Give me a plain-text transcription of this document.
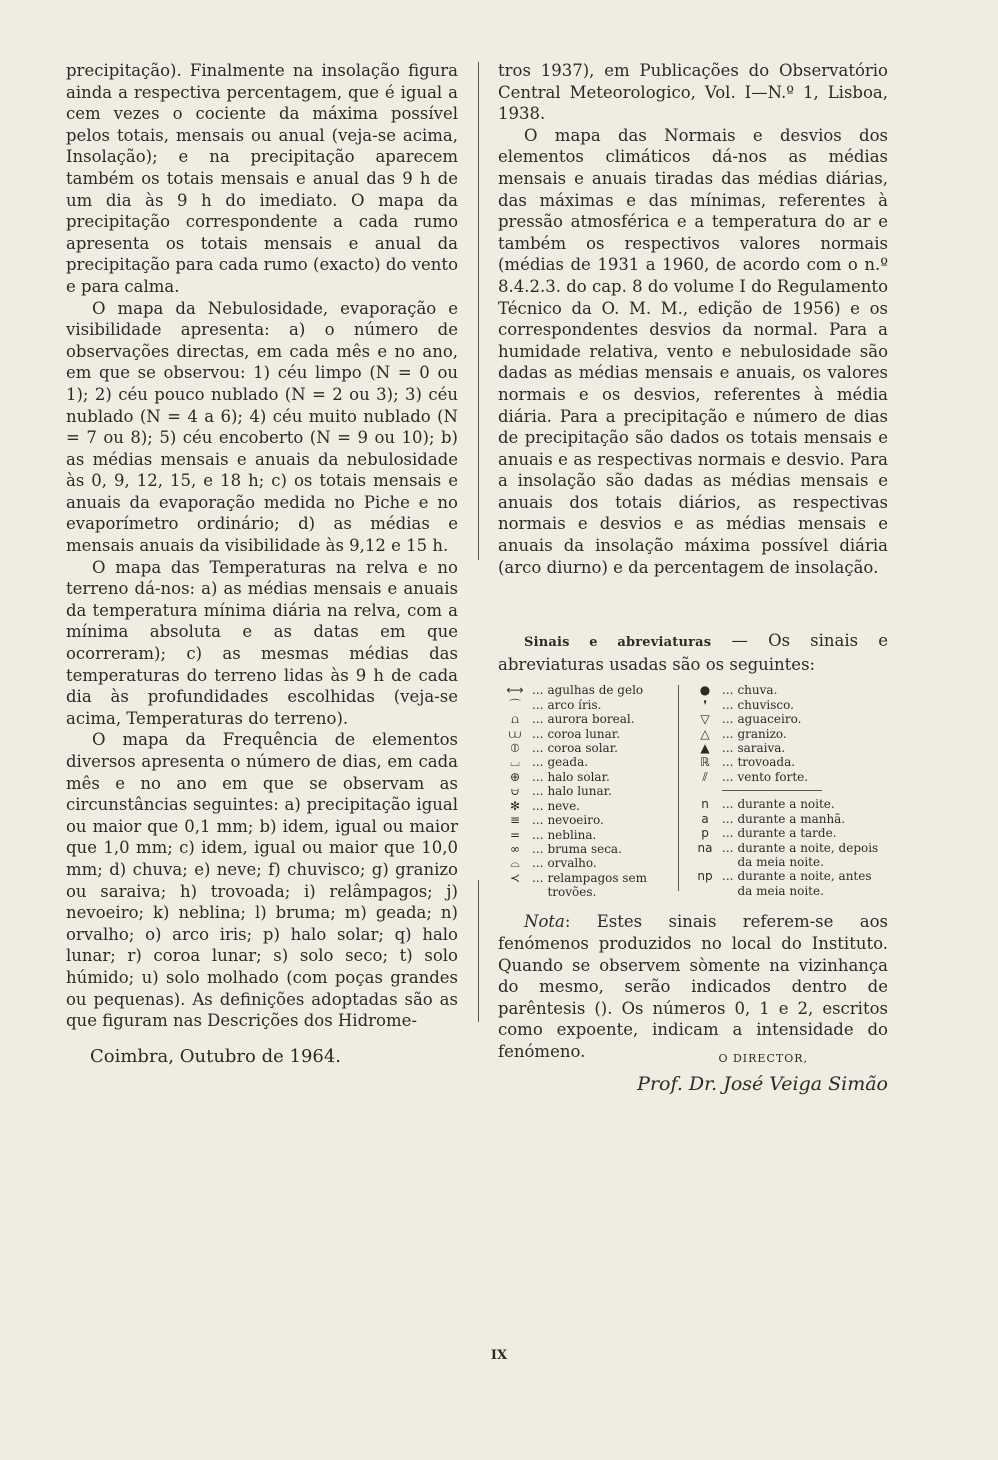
precipitação). Finalmente na insolação figura ainda a respectiva percentagem, que é igual a cem vezes o cociente da máxima possível pelos totais, mensais ou anual (veja-se acima, Insolação); e na precipitação aparecem também os totais mensais e anual das 9 h de um dia às 9 h do imediato. O mapa da precipitação correspondente a cada rumo apresenta os totais mensais e anual da precipitação para cada rumo (exacto) do vento e para calma.

O mapa da Nebulosidade, evaporação e visibilidade apresenta: a) o número de observações directas, em cada mês e no ano, em que se observou: 1) céu limpo (N = 0 ou 1); 2) céu pouco nublado (N = 2 ou 3); 3) céu nublado (N = 4 a 6); 4) céu muito nublado (N = 7 ou 8); 5) céu encoberto (N = 9 ou 10); b) as médias mensais e anuais da nebulosidade às 0, 9, 12, 15, e 18 h; c) os totais mensais e anuais da evaporação medida no Piche e no evaporímetro ordinário; d) as médias e mensais anuais da visibilidade às 9,12 e 15 h.

O mapa das Temperaturas na relva e no terreno dá-nos: a) as médias mensais e anuais da temperatura mínima diária na relva, com a mínima absoluta e as datas em que ocorreram); c) as mesmas médias das temperaturas do terreno lidas às 9 h de cada dia às profundidades escolhidas (veja-se acima, Temperaturas do terreno).

O mapa da Frequência de elementos diversos apresenta o número de dias, em cada mês e no ano em que se observam as circunstâncias seguintes: a) precipitação igual ou maior que 0,1 mm; b) idem, igual ou maior que 1,0 mm; c) idem, igual ou maior que 10,0 mm; d) chuva; e) neve; f) chuvisco; g) granizo ou saraiva; h) trovoada; i) relâmpagos; j) nevoeiro; k) neblina; l) bruma; m) geada; n) orvalho; o) arco iris; p) halo solar; q) halo lunar; r) coroa lunar; s) solo seco; t) solo húmido; u) solo molhado (com poças grandes ou pequenas). As definições adoptadas são as que figuram nas Descrições dos Hidrome-

tros 1937), em Publicações do Observatório Central Meteorologico, Vol. I—N.º 1, Lisboa, 1938.

O mapa das Normais e desvios dos elementos climáticos dá-nos as médias mensais e anuais tiradas das médias diárias, das máximas e das mínimas, referentes à pressão atmosférica e a temperatura do ar e também os respectivos valores normais (médias de 1931 a 1960, de acordo com o n.º 8.4.2.3. do cap. 8 do volume I do Regulamento Técnico da O. M. M., edição de 1956) e os correspondentes desvios da normal. Para a humidade relativa, vento e nebulosidade são dadas as médias mensais e anuais, os valores normais e os desvios, referentes à média diária. Para a precipitação e número de dias de precipitação são dados os totais mensais e anuais e as respectivas normais e desvio. Para a insolação são dadas as médias mensais e anuais dos totais diários, as respectivas normais e desvios e as médias mensais e anuais da insolação máxima possível diária (arco diurno) e da percentagem de insolação.

Sinais e abreviaturas — Os sinais e abreviaturas usadas são os seguintes:

⟷ ... agulhas de gelo
⌒ ... arco íris.
⩍	... aurora boreal.
⩊ ... coroa lunar.
⦶	... coroa solar.
⌴	... geada.
⊕ ... halo solar.
⩁	... halo lunar.
✻ ... neve.
≡ ... nevoeiro.
= ... neblina.
∞	... bruma seca.
⌓	... orvalho.
≺ ... relampagos sem trovões.
● ... chuva.
❜	... chuvisco.
▽	... aguaceiro.
△	... granizo.
▲	... saraiva.
ℝ	... trovoada.
⫽	... vento forte.
n	... durante a noite.
a	... durante a manhã.
p	... durante a tarde.
na ... durante a noite, depois da meia noite.
np ... durante a noite, antes da meia noite.

Nota: Estes sinais referem-se aos fenómenos produzidos no local do Instituto. Quando se observem sòmente na vizinhança do mesmo, serão indicados dentro de parêntesis (). Os números 0, 1 e 2, escritos como expoente, indicam a intensidade do fenómeno.

Coimbra, Outubro de 1964.	O DIRECTOR,
Prof. Dr. José Veiga Simão
IX
